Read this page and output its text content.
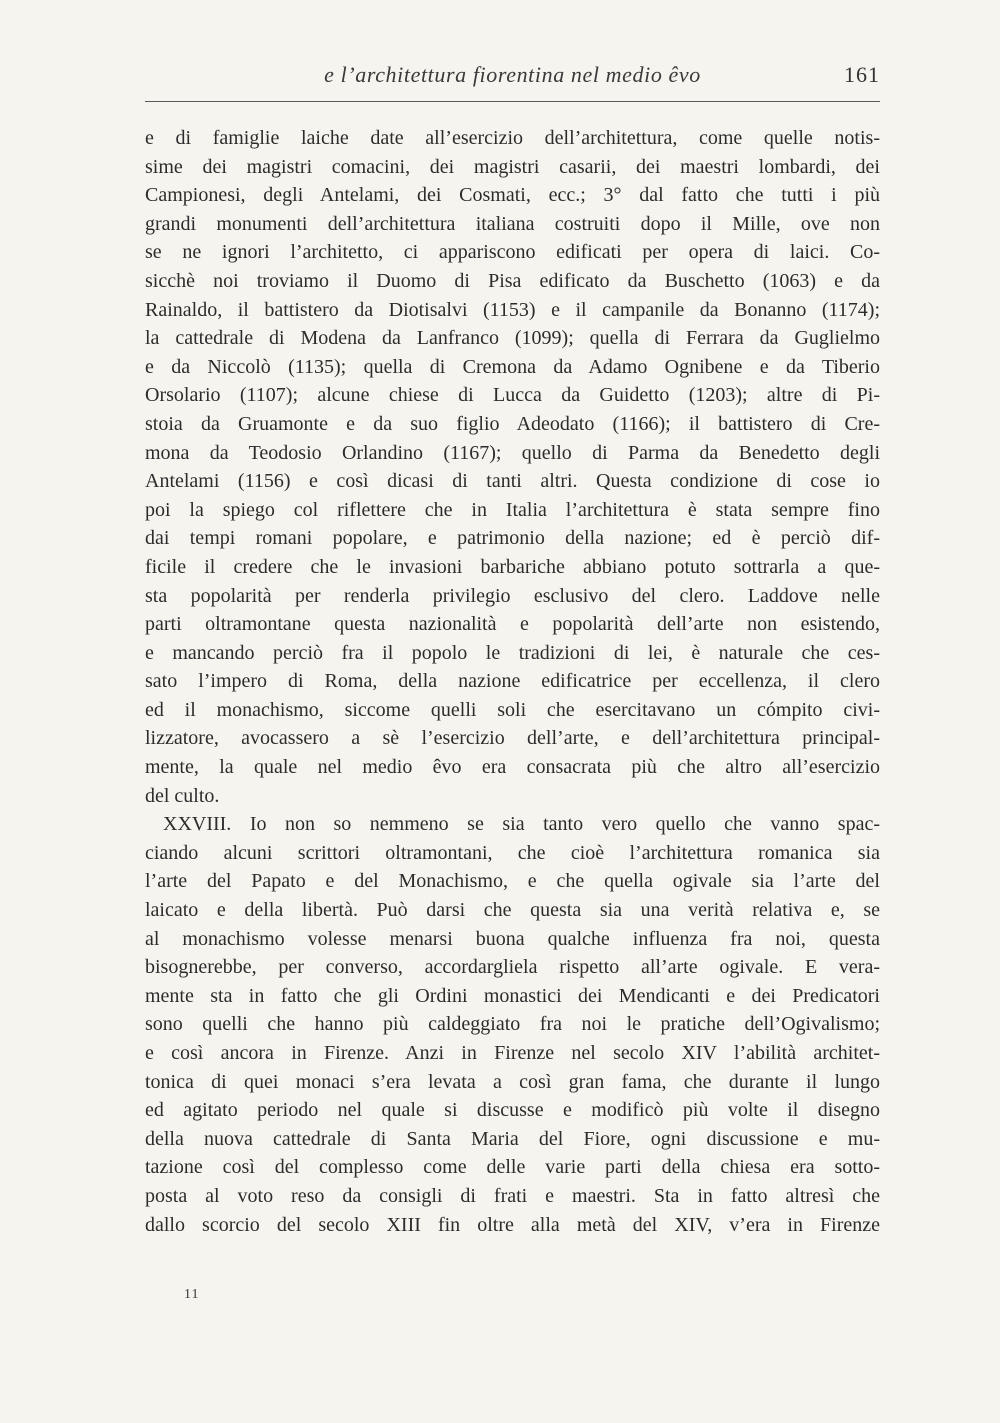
e l’architettura fiorentina nel medio êvo	161
e di famiglie laiche date all’esercizio dell’architettura, come quelle notis-
sime dei magistri comacini, dei magistri casarii, dei maestri lombardi, dei
Campionesi, degli Antelami, dei Cosmati, ecc.; 3° dal fatto che tutti i più
grandi monumenti dell’architettura italiana costruiti dopo il Mille, ove non
se ne ignori l’architetto, ci appariscono edificati per opera di laici. Co-
sicchè noi troviamo il Duomo di Pisa edificato da Buschetto (1063) e da
Rainaldo, il battistero da Diotisalvi (1153) e il campanile da Bonanno (1174);
la cattedrale di Modena da Lanfranco (1099); quella di Ferrara da Guglielmo
e da Niccolò (1135); quella di Cremona da Adamo Ognibene e da Tiberio
Orsolario (1107); alcune chiese di Lucca da Guidetto (1203); altre di Pi-
stoia da Gruamonte e da suo figlio Adeodato (1166); il battistero di Cre-
mona da Teodosio Orlandino (1167); quello di Parma da Benedetto degli
Antelami (1156) e così dicasi di tanti altri. Questa condizione di cose io
poi la spiego col riflettere che in Italia l’architettura è stata sempre fino
dai tempi romani popolare, e patrimonio della nazione; ed è perciò dif-
ficile il credere che le invasioni barbariche abbiano potuto sottrarla a que-
sta popolarità per renderla privilegio esclusivo del clero. Laddove nelle
parti oltramontane questa nazionalità e popolarità dell’arte non esistendo,
e mancando perciò fra il popolo le tradizioni di lei, è naturale che ces-
sato l’impero di Roma, della nazione edificatrice per eccellenza, il clero
ed il monachismo, siccome quelli soli che esercitavano un cómpito civi-
lizzatore, avocassero a sè l’esercizio dell’arte, e dell’architettura principal-
mente, la quale nel medio êvo era consacrata più che altro all’esercizio
del culto.
XXVIII. Io non so nemmeno se sia tanto vero quello che vanno spac-
ciando alcuni scrittori oltramontani, che cioè l’architettura romanica sia
l’arte del Papato e del Monachismo, e che quella ogivale sia l’arte del
laicato e della libertà. Può darsi che questa sia una verità relativa e, se
al monachismo volesse menarsi buona qualche influenza fra noi, questa
bisognerebbe, per converso, accordargliela rispetto all’arte ogivale. E vera-
mente sta in fatto che gli Ordini monastici dei Mendicanti e dei Predicatori
sono quelli che hanno più caldeggiato fra noi le pratiche dell’Ogivalismo;
e così ancora in Firenze. Anzi in Firenze nel secolo XIV l’abilità architet-
tonica di quei monaci s’era levata a così gran fama, che durante il lungo
ed agitato periodo nel quale si discusse e modificò più volte il disegno
della nuova cattedrale di Santa Maria del Fiore, ogni discussione e mu-
tazione così del complesso come delle varie parti della chiesa era sotto-
posta al voto reso da consigli di frati e maestri. Sta in fatto altresì che
dallo scorcio del secolo XIII fin oltre alla metà del XIV, v’era in Firenze
11
